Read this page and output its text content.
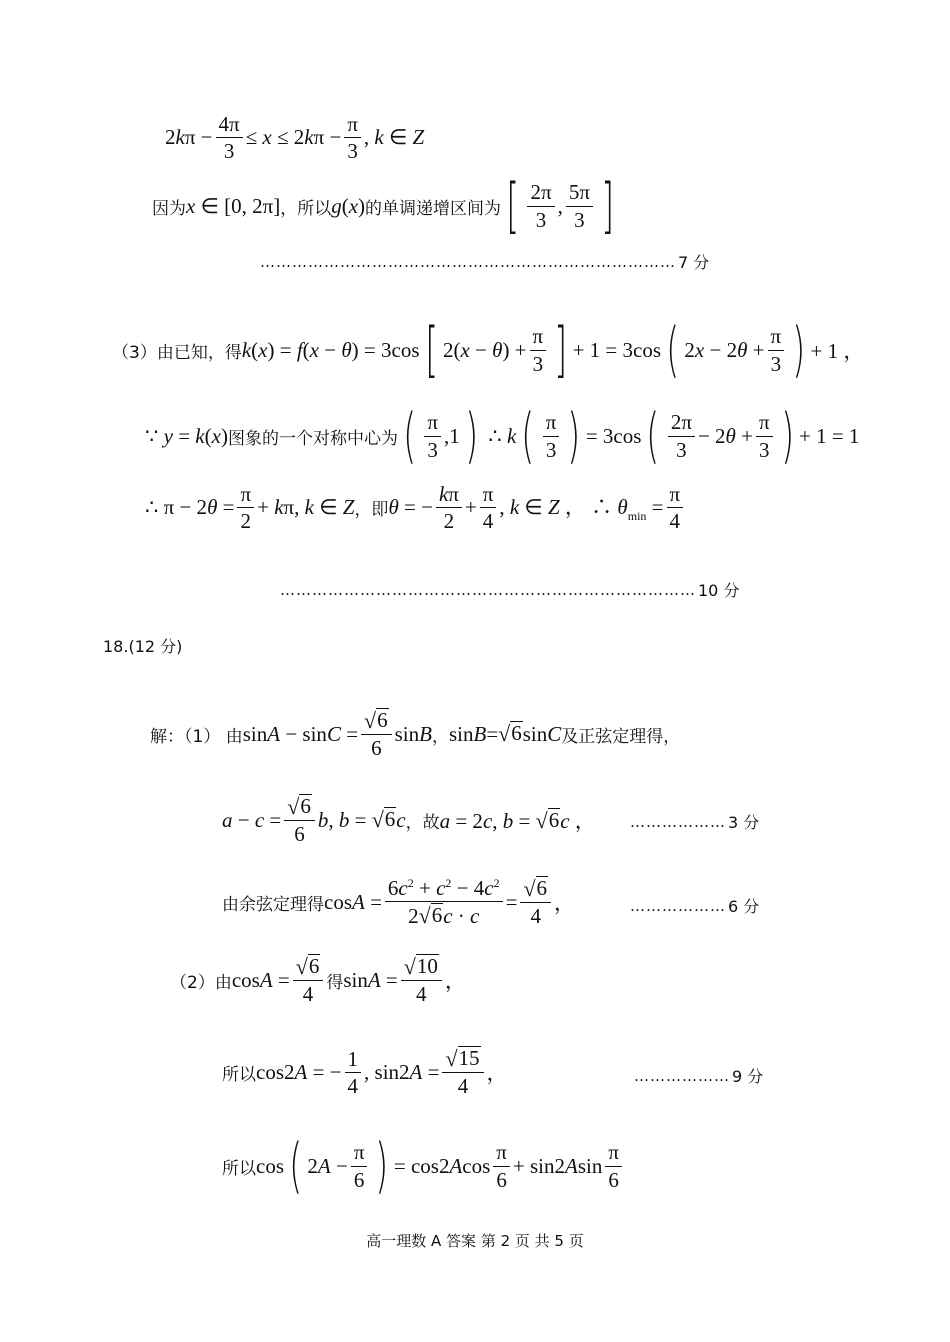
$2k\pi - \frac{4\pi}{3} \le x \le 2k\pi - \frac{\pi}{3}$ , k ∈ Z
因为 x ∈ [0, 2π] ，所以 g(x) 的单调递增区间为 [ $\frac{2\pi}{3}$ , $\frac{5\pi}{3}$ ]
…………………………………………………………………… 7 分
（3）由已知，得 k(x) = f(x − θ) = 3cos [ $2(x - \theta) + \frac{\pi}{3}$ ] + 1 = 3cos ( $2x - 2\theta + \frac{\pi}{3}$ ) + 1 ，
∵ y = k(x) 图象的一个对称中心为 ( $\frac{\pi}{3} ,1$ ) ∴ k ( $\frac{\pi}{3}$ ) = 3cos ( $\frac{2\pi}{3} - 2\theta + \frac{\pi}{3}$ ) + 1 = 1
∴ $\pi - 2\theta = \frac{\pi}{2} + k\pi$, k ∈ Z ，即 θ = − $\frac{k\pi}{2} + \frac{\pi}{4}$ , k ∈ Z ， ∴ $\theta_{min} = \frac{\pi}{4}$
…………………………………………………………………… 10 分
18.(12 分)
解：（1） 由 $\sin A - \sin C = \frac{√ 6}{6}$ sinB ， sinB= √ 6 sinC 及正弦定理得，
$a - c = \frac{√ 6}{6} b$, b = √ 6 c ，故 a = 2c, b = √ 6 c ， ……………… 3 分
由余弦定理得 $\cos A = \frac{6c^2 + c^2 - 4c^2}{2 √ 6 c \cdot c} = \frac{√ 6}{4}$ ，	……………… 6 分
（2）由 $\cos A = \frac{√ 6}{4}$ 得 $\sin A = \frac{√ 10}{4}$ ，
所以 cos2A = − $\frac{1}{4}$ , $\sin 2A = \frac{√ 15}{4}$ ，	……………… 9 分
所以 cos ( $2A - \frac{\pi}{6}$ ) = $\cos 2Acos \frac{\pi}{6} + \sin 2Asin \frac{\pi}{6}$
高一理数 A 答案 第 2 页 共 5 页
